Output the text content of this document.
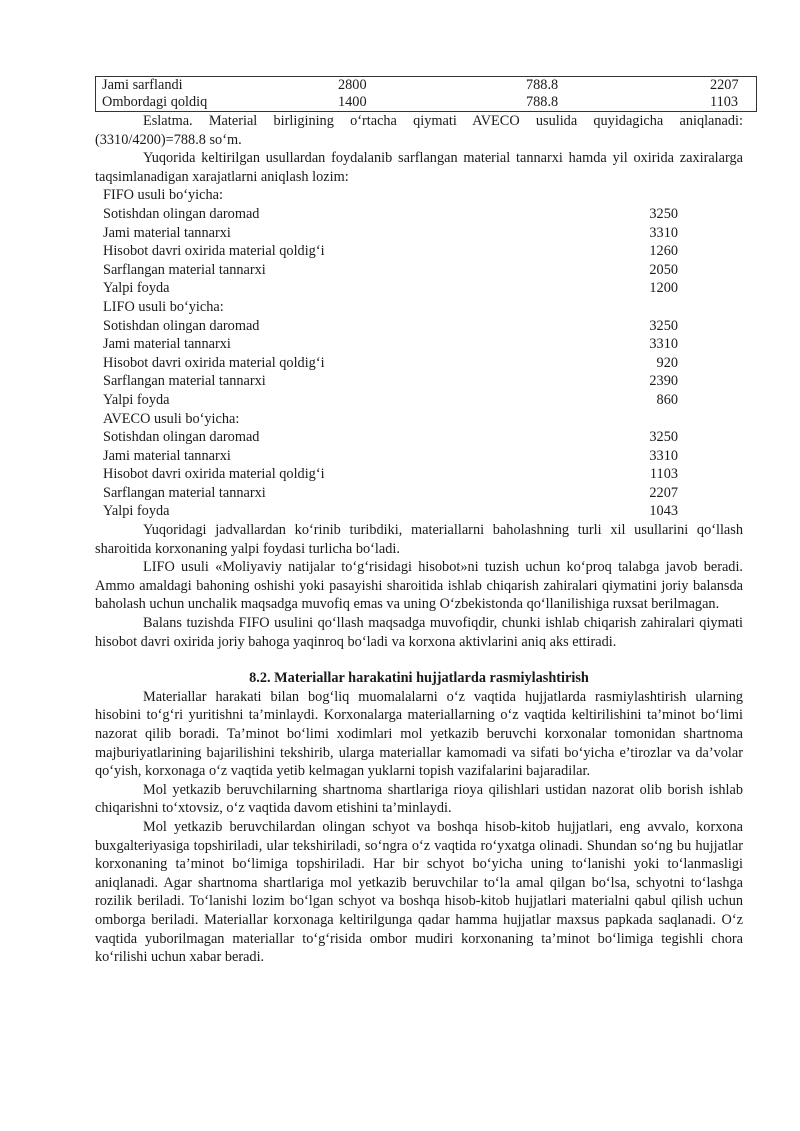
Jami sarflandi	2800	788.8	2207
Ombordagi qoldiq	1400	788.8	1103

Eslatma. Material birligining o‘rtacha qiymati AVECO usulida quyidagicha aniqlanadi: (3310/4200)=788.8 so‘m.

Yuqorida keltirilgan usullardan foydalanib sarflangan material tannarxi hamda yil oxirida zaxiralarga taqsimlanadigan xarajatlarni aniqlash lozim:

FIFO usuli bo‘yicha:
Sotishdan olingan daromad	3250
Jami material tannarxi	3310
Hisobot davri oxirida material qoldig‘i	1260
Sarflangan material tannarxi	2050
Yalpi foyda	1200
LIFO usuli bo‘yicha:
Sotishdan olingan daromad	3250
Jami material tannarxi	3310
Hisobot davri oxirida material qoldig‘i	920
Sarflangan material tannarxi	2390
Yalpi foyda	860
AVECO usuli bo‘yicha:
Sotishdan olingan daromad	3250
Jami material tannarxi	3310
Hisobot davri oxirida material qoldig‘i	1103
Sarflangan material tannarxi	2207
Yalpi foyda	1043

Yuqoridagi jadvallardan ko‘rinib turibdiki, materiallarni baholashning turli xil usullarini qo‘llash sharoitida korxonaning yalpi foydasi turlicha bo‘ladi.

LIFO usuli «Moliyaviy natijalar to‘g‘risidagi hisobot»ni tuzish uchun ko‘proq talabga javob beradi. Ammo amaldagi bahoning oshishi yoki pasayishi sharoitida ishlab chiqarish zahiralari qiymatini joriy balansda baholash uchun unchalik maqsadga muvofiq emas va uning O‘zbekistonda qo‘llanilishiga ruxsat berilmagan.

Balans tuzishda FIFO usulini qo‘llash maqsadga muvofiqdir, chunki ishlab chiqarish zahiralari qiymati hisobot davri oxirida joriy bahoga yaqinroq bo‘ladi va korxona aktivlarini aniq aks ettiradi.

8.2. Materiallar harakatini hujjatlarda rasmiylashtirish

Materiallar harakati bilan bog‘liq muomalalarni o‘z vaqtida hujjatlarda rasmiylashtirish ularning hisobini to‘g‘ri yuritishni ta’minlaydi. Korxonalarga materiallarning o‘z vaqtida keltirilishini ta’minot bo‘limi nazorat qilib boradi. Ta’minot bo‘limi xodimlari mol yetkazib beruvchi korxonalar tomonidan shartnoma majburiyatlarining bajarilishini tekshirib, ularga materiallar kamomadi va sifati bo‘yicha e’tirozlar va da’volar qo‘yish, korxonaga o‘z vaqtida yetib kelmagan yuklarni topish vazifalarini bajaradilar.

Mol yetkazib beruvchilarning shartnoma shartlariga rioya qilishlari ustidan nazorat olib borish ishlab chiqarishni to‘xtovsiz, o‘z vaqtida davom etishini ta’minlaydi.

Mol yetkazib beruvchilardan olingan schyot va boshqa hisob-kitob hujjatlari, eng avvalo, korxona buxgalteriyasiga topshiriladi, ular tekshiriladi, so‘ngra o‘z vaqtida ro‘yxatga olinadi. Shundan so‘ng bu hujjatlar korxonaning ta’minot bo‘limiga topshiriladi. Har bir schyot bo‘yicha uning to‘lanishi yoki to‘lanmasligi aniqlanadi. Agar shartnoma shartlariga mol yetkazib beruvchilar to‘la amal qilgan bo‘lsa, schyotni to‘lashga rozilik beriladi. To‘lanishi lozim bo‘lgan schyot va boshqa hisob-kitob hujjatlari materialni qabul qilish uchun omborga beriladi. Materiallar korxonaga keltirilgunga qadar hamma hujjatlar maxsus papkada saqlanadi. O‘z vaqtida yuborilmagan materiallar to‘g‘risida ombor mudiri korxonaning ta’minot bo‘limiga tegishli chora ko‘rilishi uchun xabar beradi.
